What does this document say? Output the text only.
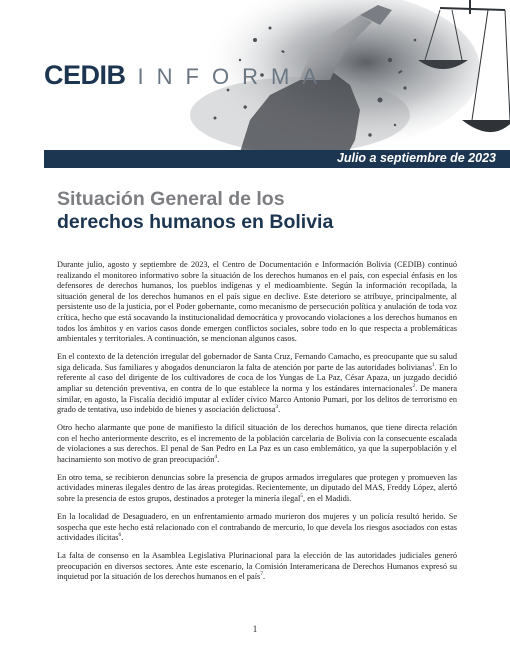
CEDIB INFORMA
Julio a septiembre de 2023
Situación General de los
derechos humanos en Bolivia

Durante julio, agosto y septiembre de 2023, el Centro de Documentación e Información Bolivia (CEDIB) continuó realizando el monitoreo informativo sobre la situación de los derechos humanos en el país, con especial énfasis en los defensores de derechos humanos, los pueblos indígenas y el medioambiente. Según la información recopilada, la situación general de los derechos humanos en el país sigue en declive. Este deterioro se atribuye, principalmente, al persistente uso de la justicia, por el Poder gobernante, como mecanismo de persecución política y anulación de toda voz crítica, hecho que está socavando la institucionalidad democrática y provocando violaciones a los derechos humanos en todos los ámbitos y en varios casos donde emergen conflictos sociales, sobre todo en lo que respecta a problemáticas ambientales y territoriales. A continuación, se mencionan algunos casos.

En el contexto de la detención irregular del gobernador de Santa Cruz, Fernando Camacho, es preocupante que su salud siga delicada. Sus familiares y abogados denunciaron la falta de atención por parte de las autoridades bolivianas$^1$. En lo referente al caso del dirigente de los cultivadores de coca de los Yungas de La Paz, César Apaza, un juzgado decidió ampliar su detención preventiva, en contra de lo que establece la norma y los estándares internacionales$^2$. De manera similar, en agosto, la Fiscalía decidió imputar al exlíder cívico Marco Antonio Pumari, por los delitos de terrorismo en grado de tentativa, uso indebido de bienes y asociación delictuosa$^3$.

Otro hecho alarmante que pone de manifiesto la difícil situación de los derechos humanos, que tiene directa relación con el hecho anteriormente descrito, es el incremento de la población carcelaria de Bolivia con la consecuente escalada de violaciones a sus derechos. El penal de San Pedro en La Paz es un caso emblemático, ya que la superpoblación y el hacinamiento son motivo de gran preocupación$^4$.

En otro tema, se recibieron denuncias sobre la presencia de grupos armados irregulares que protegen y promueven las actividades mineras ilegales dentro de las áreas protegidas. Recientemente, un diputado del MAS, Freddy López, alertó sobre la presencia de estos grupos, destinados a proteger la minería ilegal$^5$, en el Madidi.

En la localidad de Desaguadero, en un enfrentamiento armado murieron dos mujeres y un policía resultó herido. Se sospecha que este hecho está relacionado con el contrabando de mercurio, lo que devela los riesgos asociados con estas actividades ilícitas$^6$.

La falta de consenso en la Asamblea Legislativa Plurinacional para la elección de las autoridades judiciales generó preocupación en diversos sectores. Ante este escenario, la Comisión Interamericana de Derechos Humanos expresó su inquietud por la situación de los derechos humanos en el país$^7$.

1
